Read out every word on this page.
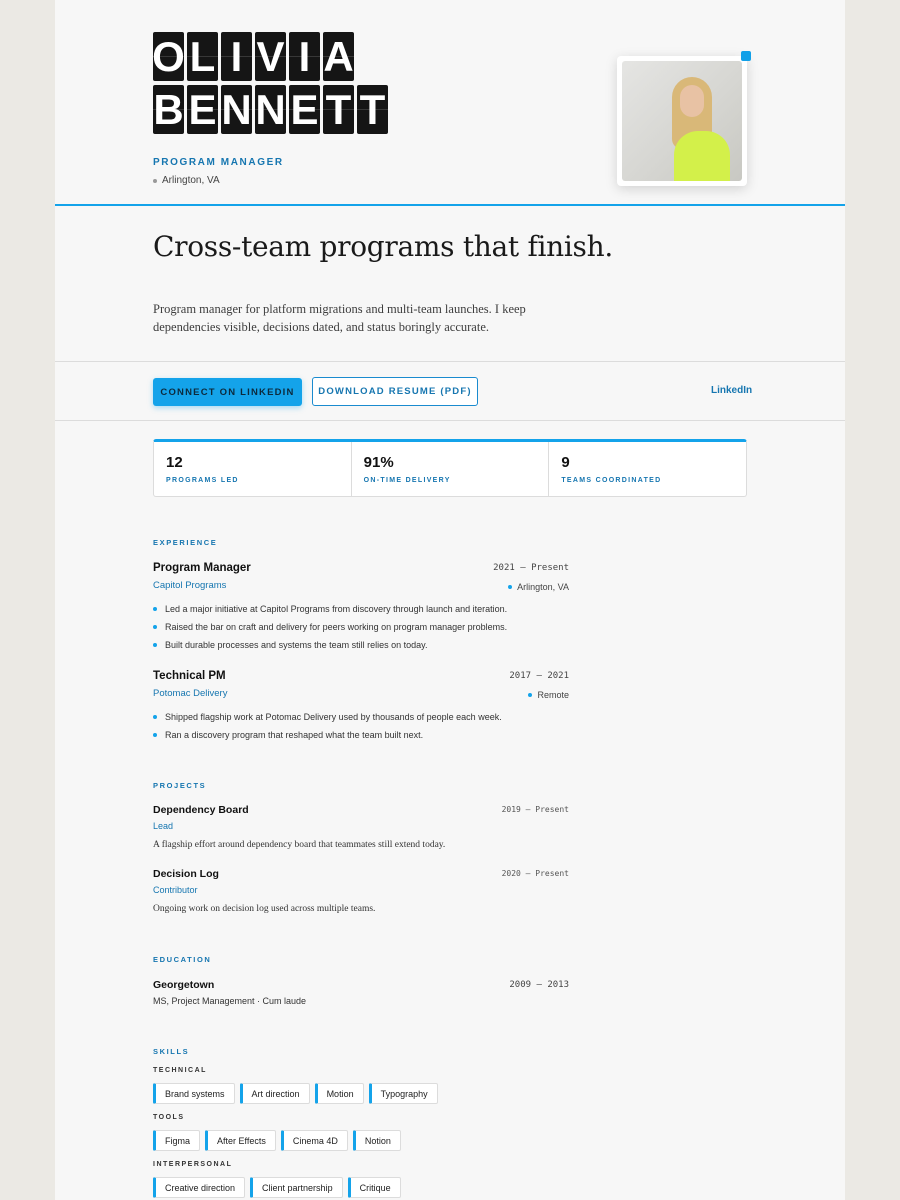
O L I V I A
B E N N E T T
PROGRAM MANAGER
Arlington, VA
Cross-team programs that finish.
Program manager for platform migrations and multi-team launches. I keep dependencies visible, decisions dated, and status boringly accurate.
CONNECT ON LINKEDIN	DOWNLOAD RESUME (PDF)	LinkedIn
12
PROGRAMS LED
91%
ON-TIME DELIVERY
9
TEAMS COORDINATED
EXPERIENCE
Program Manager	2021 — Present
Capitol Programs	Arlington, VA
Led a major initiative at Capitol Programs from discovery through launch and iteration.
Raised the bar on craft and delivery for peers working on program manager problems.
Built durable processes and systems the team still relies on today.
Technical PM	2017 — 2021
Potomac Delivery	Remote
Shipped flagship work at Potomac Delivery used by thousands of people each week.
Ran a discovery program that reshaped what the team built next.
PROJECTS
Dependency Board	2019 — Present
Lead
A flagship effort around dependency board that teammates still extend today.
Decision Log	2020 — Present
Contributor
Ongoing work on decision log used across multiple teams.
EDUCATION
Georgetown	2009 — 2013
MS, Project Management · Cum laude
SKILLS
TECHNICAL
Brand systems	Art direction	Motion	Typography
TOOLS
Figma	After Effects	Cinema 4D	Notion
INTERPERSONAL
Creative direction	Client partnership	Critique
